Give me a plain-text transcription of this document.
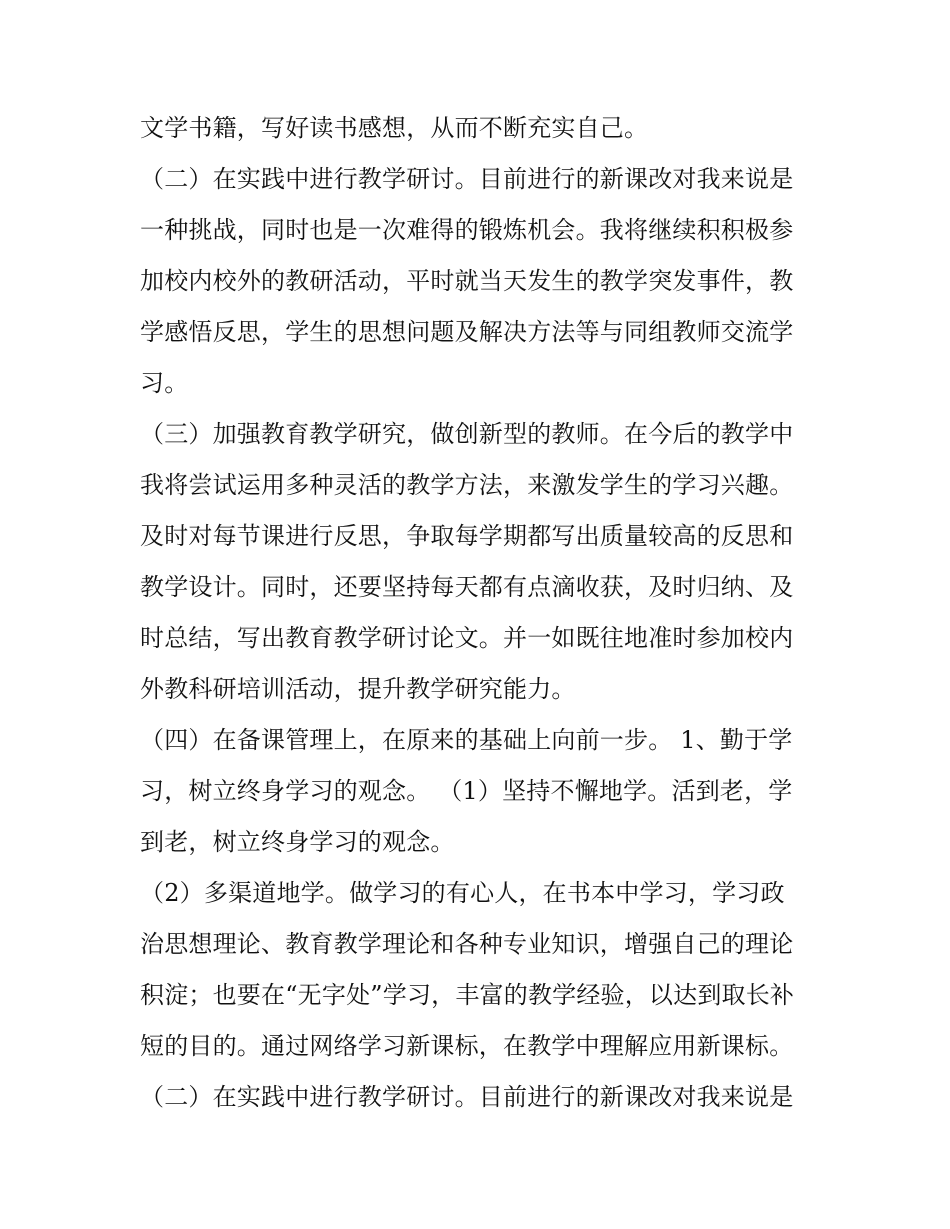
文学书籍，写好读书感想，从而不断充实自己。
（二）在实践中进行教学研讨。目前进行的新课改对我来说是
一种挑战，同时也是一次难得的锻炼机会。我将继续积积极参
加校内校外的教研活动，平时就当天发生的教学突发事件，教
学感悟反思，学生的思想问题及解决方法等与同组教师交流学
习。
（三）加强教育教学研究，做创新型的教师。在今后的教学中
我将尝试运用多种灵活的教学方法，来激发学生的学习兴趣。
及时对每节课进行反思，争取每学期都写出质量较高的反思和
教学设计。同时，还要坚持每天都有点滴收获，及时归纳、及
时总结，写出教育教学研讨论文。并一如既往地准时参加校内
外教科研培训活动，提升教学研究能力。
（四）在备课管理上，在原来的基础上向前一步。 1、勤于学
习，树立终身学习的观念。 （1）坚持不懈地学。活到老，学
到老，树立终身学习的观念。
（2）多渠道地学。做学习的有心人，在书本中学习，学习政
治思想理论、教育教学理论和各种专业知识，增强自己的理论
积淀；也要在“无字处”学习，丰富的教学经验，以达到取长补
短的目的。通过网络学习新课标，在教学中理解应用新课标。
（二）在实践中进行教学研讨。目前进行的新课改对我来说是
